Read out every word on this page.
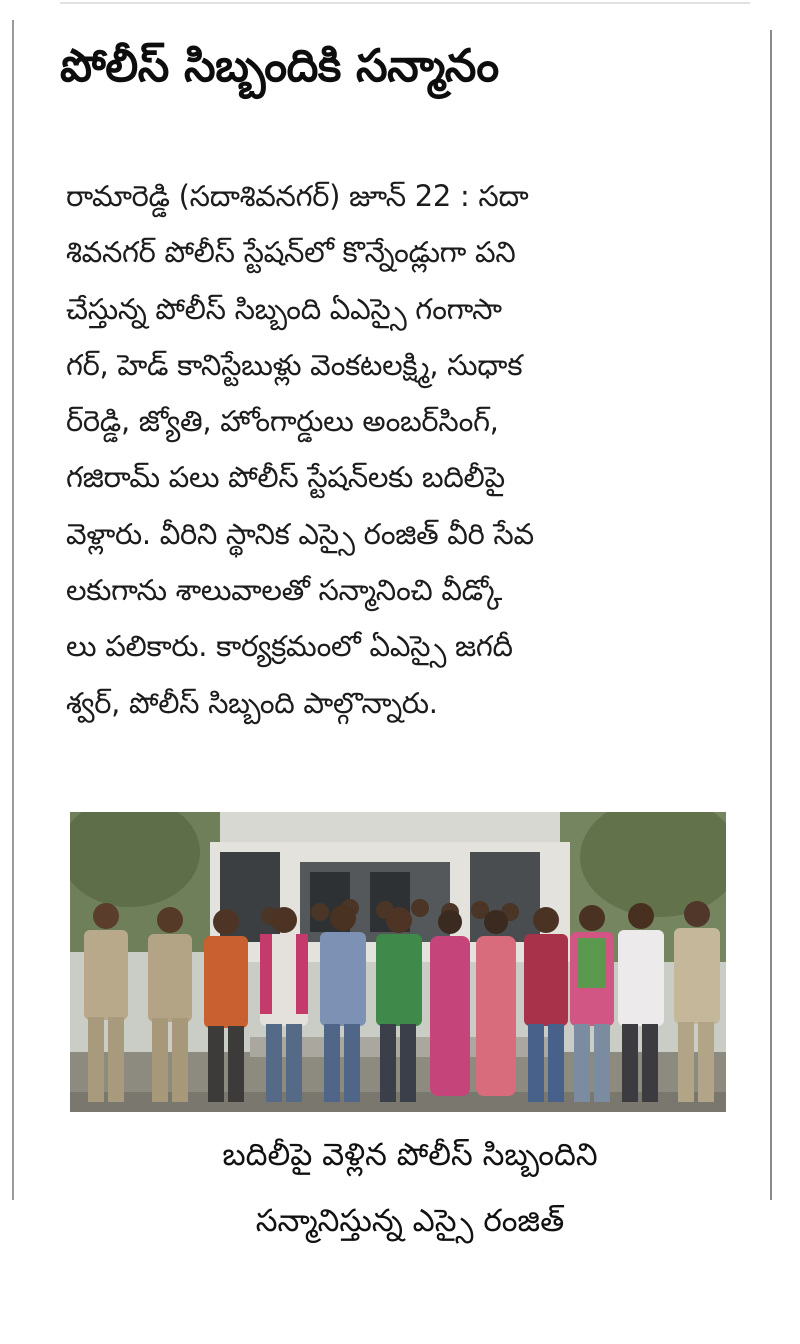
పోలీస్ సిబ్బందికి సన్మానం
రామారెడ్డి (సదాశివనగర్) జూన్ 22 : సదా
శివనగర్ పోలీస్ స్టేషన్‌లో కొన్నేండ్లుగా పని
చేస్తున్న పోలీస్ సిబ్బంది ఏఎస్సై గంగాసా
గర్, హెడ్ కానిస్టేబుళ్లు వెంకటలక్ష్మి, సుధాక
ర్‌రెడ్డి, జ్యోతి, హోంగార్డులు అంబర్‌సింగ్,
గజిరామ్ పలు పోలీస్ స్టేషన్‌లకు బదిలీపై
వెళ్లారు. వీరిని స్థానిక ఎస్సై రంజిత్ వీరి సేవ
లకుగాను శాలువాలతో సన్మానించి వీడ్కో
లు పలికారు. కార్యక్రమంలో ఏఎస్సై జగదీ
శ్వర్, పోలీస్ సిబ్బంది పాల్గొన్నారు.
బదిలీపై వెళ్లిన పోలీస్ సిబ్బందిని
సన్మానిస్తున్న ఎస్సై రంజిత్
